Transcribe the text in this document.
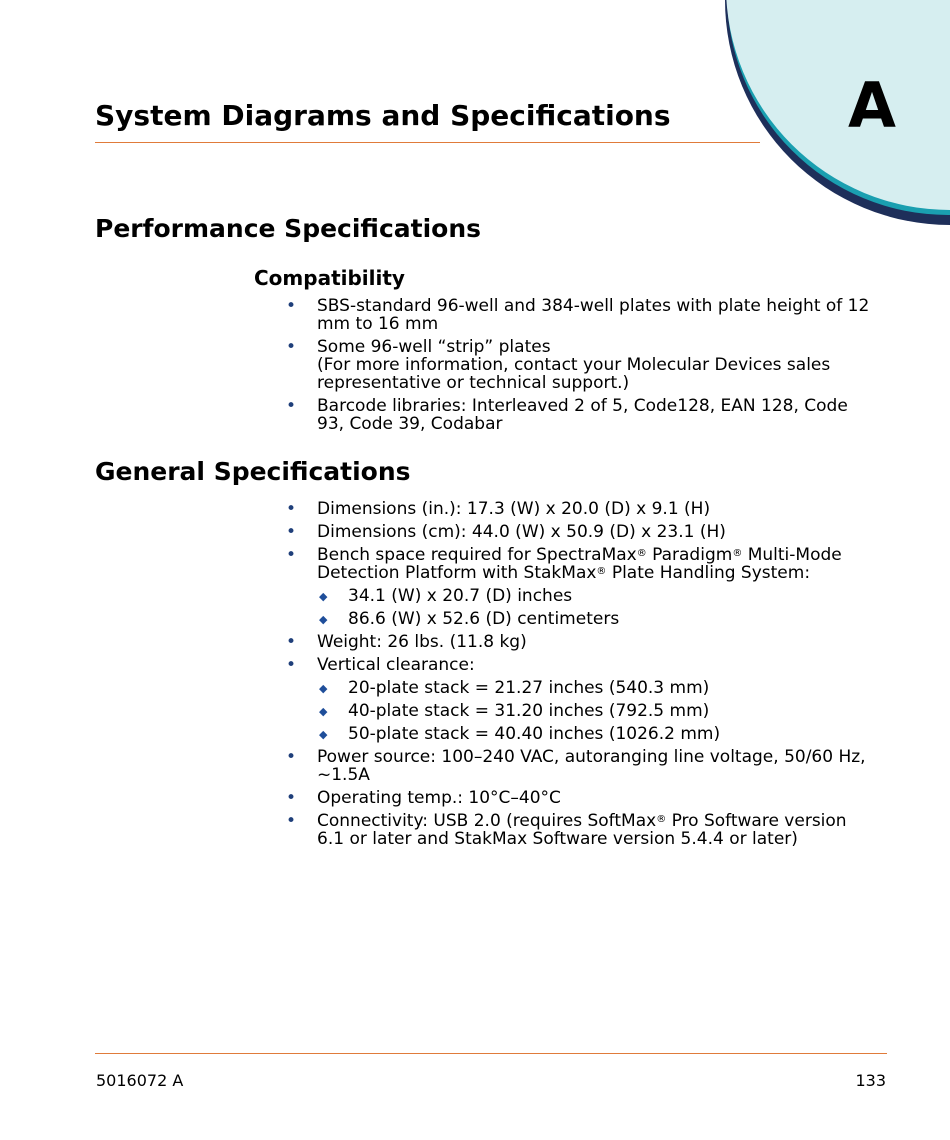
A
System Diagrams and Specifications
Performance Specifications
Compatibility
• SBS-standard 96-well and 384-well plates with plate height of 12 mm to 16 mm
• Some 96-well “strip” plates
(For more information, contact your Molecular Devices sales representative or technical support.)
• Barcode libraries: Interleaved 2 of 5, Code128, EAN 128, Code 93, Code 39, Codabar
General Specifications
• Dimensions (in.): 17.3 (W) x 20.0 (D) x 9.1 (H)
• Dimensions (cm): 44.0 (W) x 50.9 (D) x 23.1 (H)
• Bench space required for SpectraMax® Paradigm® Multi-Mode Detection Platform with StakMax® Plate Handling System:
◆ 34.1 (W) x 20.7 (D) inches
◆ 86.6 (W) x 52.6 (D) centimeters
• Weight: 26 lbs. (11.8 kg)
• Vertical clearance:
◆ 20-plate stack = 21.27 inches (540.3 mm)
◆ 40-plate stack = 31.20 inches (792.5 mm)
◆ 50-plate stack = 40.40 inches (1026.2 mm)
• Power source: 100–240 VAC, autoranging line voltage, 50/60 Hz, ~1.5A
• Operating temp.: 10°C–40°C
• Connectivity: USB 2.0 (requires SoftMax® Pro Software version 6.1 or later and StakMax Software version 5.4.4 or later)
5016072 A	133
